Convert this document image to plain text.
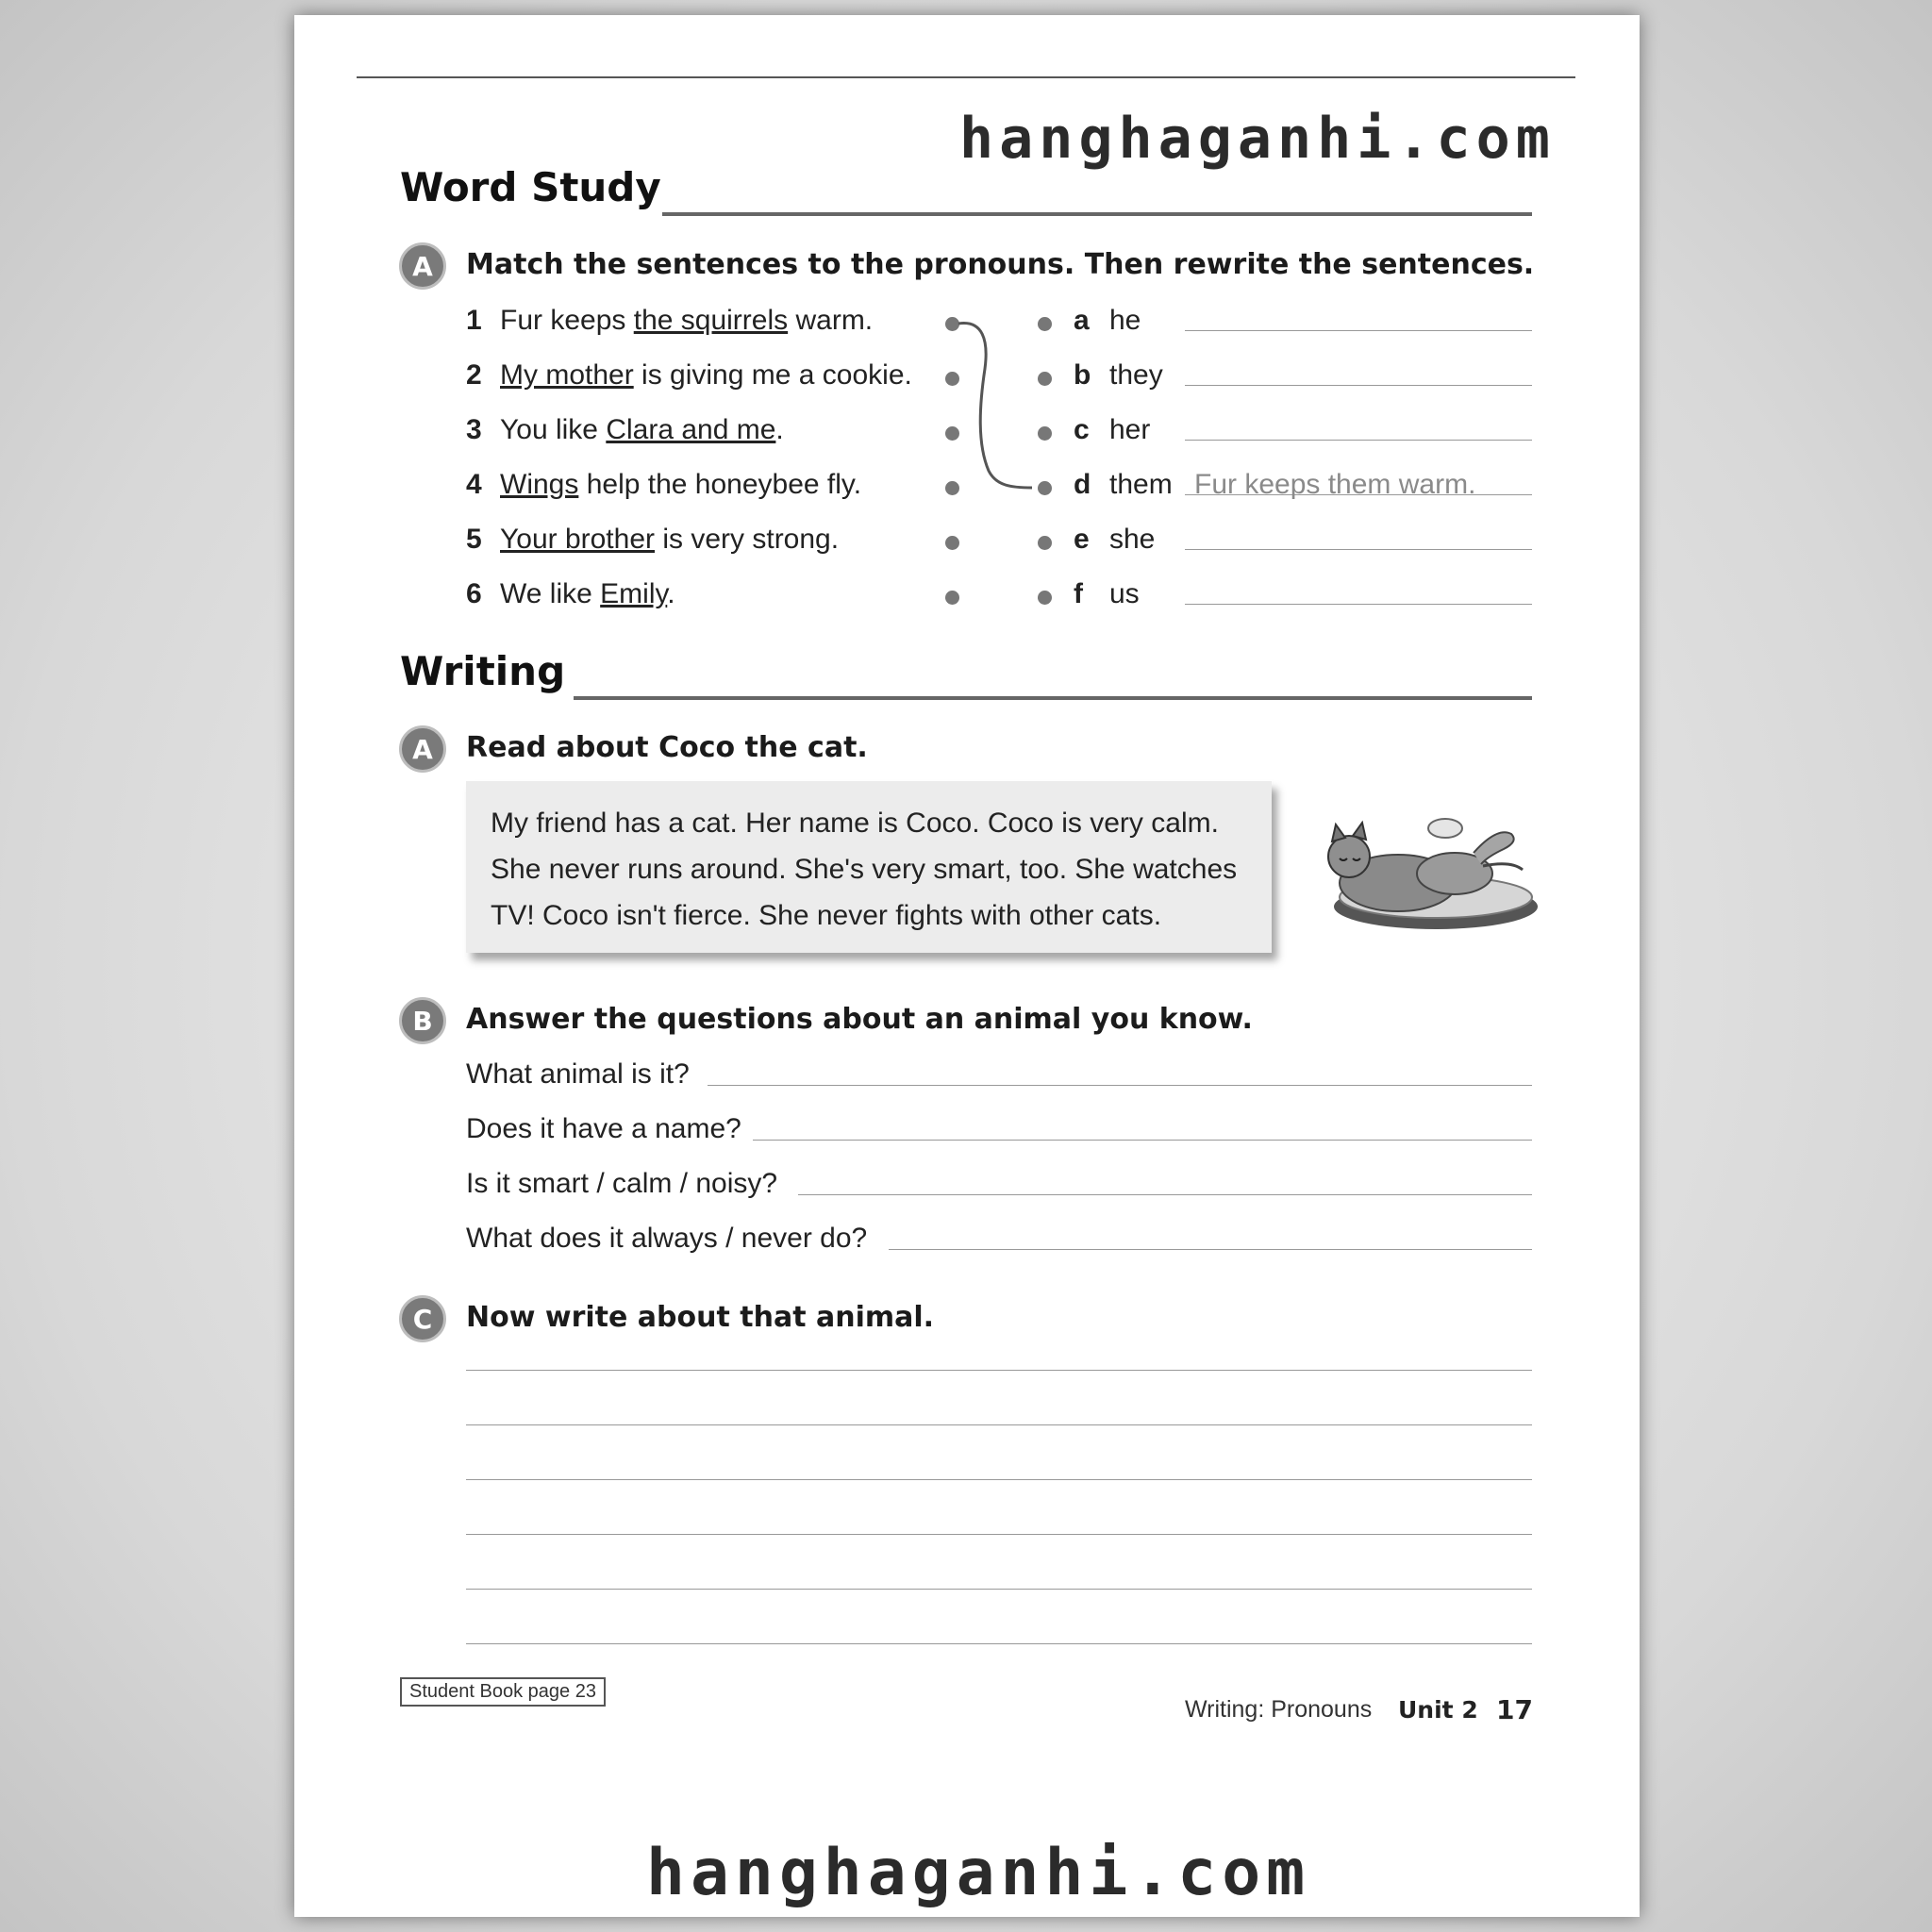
hanghaganhi.com
Word Study
A	Match the sentences to the pronouns. Then rewrite the sentences.
1 Fur keeps the squirrels warm.
2 My mother is giving me a cookie.
3 You like Clara and me.
4 Wings help the honeybee fly.
5 Your brother is very strong.
6 We like Emily.
a he
b they
c her
d them
e she
f us
Fur keeps them warm.
Writing
A	Read about Coco the cat.
My friend has a cat. Her name is Coco. Coco is very calm.
She never runs around. She's very smart, too. She watches
TV! Coco isn't fierce. She never fights with other cats.
B	Answer the questions about an animal you know.
What animal is it?
Does it have a name?
Is it smart / calm / noisy?
What does it always / never do?
C	Now write about that animal.
Student Book page 23
Writing: Pronouns Unit 2 17
hanghaganhi.com
